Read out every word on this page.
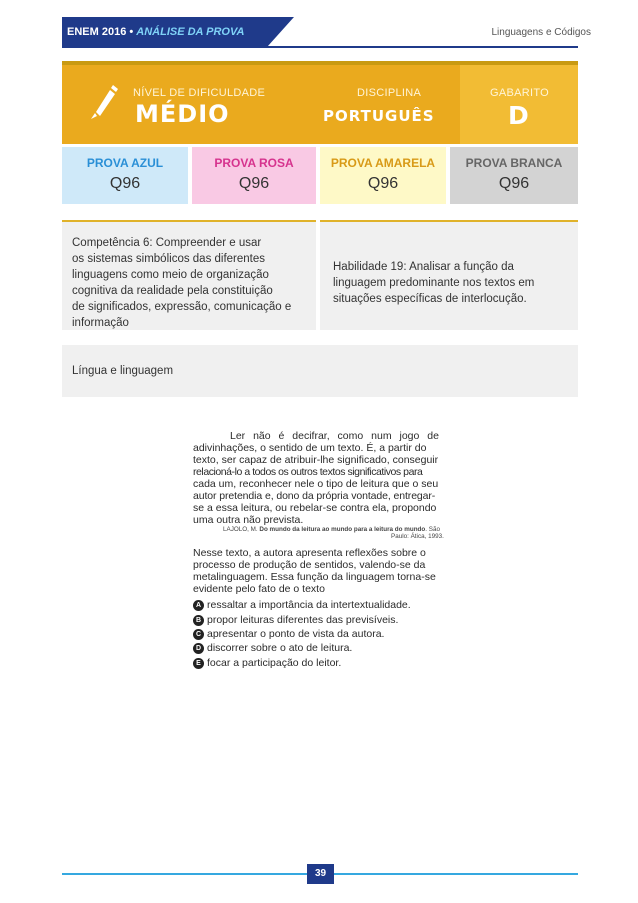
ENEM 2016 • ANÁLISE DA PROVA	Linguagens e Códigos
NÍVEL DE DIFICULDADE
MÉDIO
DISCIPLINA
PORTUGUÊS
GABARITO
D
PROVA AZUL
Q96
PROVA ROSA
Q96
PROVA AMARELA
Q96
PROVA BRANCA
Q96
Competência 6: Compreender e usar
os sistemas simbólicos das diferentes
linguagens como meio de organização
cognitiva da realidade pela constituição
de significados, expressão, comunicação e
informação
Habilidade 19: Analisar a função da
linguagem predominante nos textos em
situações específicas de interlocução.
Língua e linguagem
Ler não é decifrar, como num jogo de
adivinhações, o sentido de um texto. É, a partir do
texto, ser capaz de atribuir-lhe significado, conseguir
relacioná-lo a todos os outros textos significativos para
cada um, reconhecer nele o tipo de leitura que o seu
autor pretendia e, dono da própria vontade, entregar-
se a essa leitura, ou rebelar-se contra ela, propondo
uma outra não prevista.
LAJOLO, M. Do mundo da leitura ao mundo para a leitura do mundo. São
Paulo: Ática, 1993.
Nesse texto, a autora apresenta reflexões sobre o
processo de produção de sentidos, valendo-se da
metalinguagem. Essa função da linguagem torna-se
evidente pelo fato de o texto
A ressaltar a importância da intertextualidade.
B propor leituras diferentes das previsíveis.
C apresentar o ponto de vista da autora.
D discorrer sobre o ato de leitura.
E focar a participação do leitor.
39
